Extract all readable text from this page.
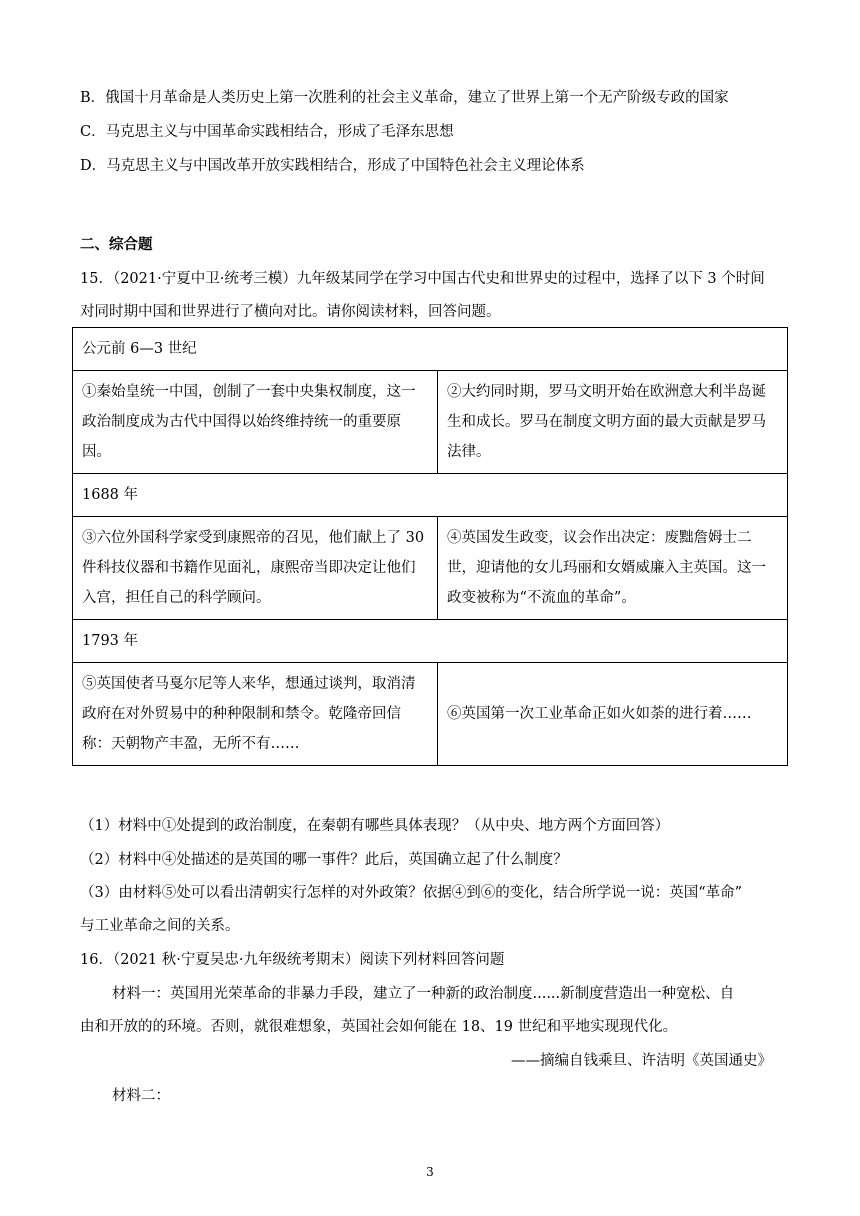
B．俄国十月革命是人类历史上第一次胜利的社会主义革命，建立了世界上第一个无产阶级专政的国家
C．马克思主义与中国革命实践相结合，形成了毛泽东思想
D．马克思主义与中国改革开放实践相结合，形成了中国特色社会主义理论体系
二、综合题
15．（2021·宁夏中卫·统考三模）九年级某同学在学习中国古代史和世界史的过程中，选择了以下 3 个时间
对同时期中国和世界进行了横向对比。请你阅读材料，回答问题。
公元前 6—3 世纪	
①秦始皇统一中国，创制了一套中央集权制度，这一政治制度成为古代中国得以始终维持统一的重要原因。	②大约同时期，罗马文明开始在欧洲意大利半岛诞生和成长。罗马在制度文明方面的最大贡献是罗马法律。
1688 年	
③六位外国科学家受到康熙帝的召见，他们献上了 30 件科技仪器和书籍作见面礼，康熙帝当即决定让他们入宫，担任自己的科学顾问。	④英国发生政变，议会作出决定：废黜詹姆士二世，迎请他的女儿玛丽和女婿威廉入主英国。这一政变被称为“不流血的革命”。
1793 年	
⑤英国使者马戛尔尼等人来华，想通过谈判，取消清政府在对外贸易中的种种限制和禁令。乾隆帝回信称：天朝物产丰盈，无所不有……	⑥英国第一次工业革命正如火如荼的进行着……
（1）材料中①处提到的政治制度，在秦朝有哪些具体表现？（从中央、地方两个方面回答）
（2）材料中④处描述的是英国的哪一事件？此后，英国确立起了什么制度？
（3）由材料⑤处可以看出清朝实行怎样的对外政策？依据④到⑥的变化，结合所学说一说：英国“革命”
与工业革命之间的关系。
16．（2021 秋·宁夏吴忠·九年级统考期末）阅读下列材料回答问题
材料一：英国用光荣革命的非暴力手段，建立了一种新的政治制度......新制度营造出一种宽松、自
由和开放的的环境。否则，就很难想象，英国社会如何能在 18、19 世纪和平地实现现代化。
——摘编自钱乘旦、许洁明《英国通史》
材料二：
3
